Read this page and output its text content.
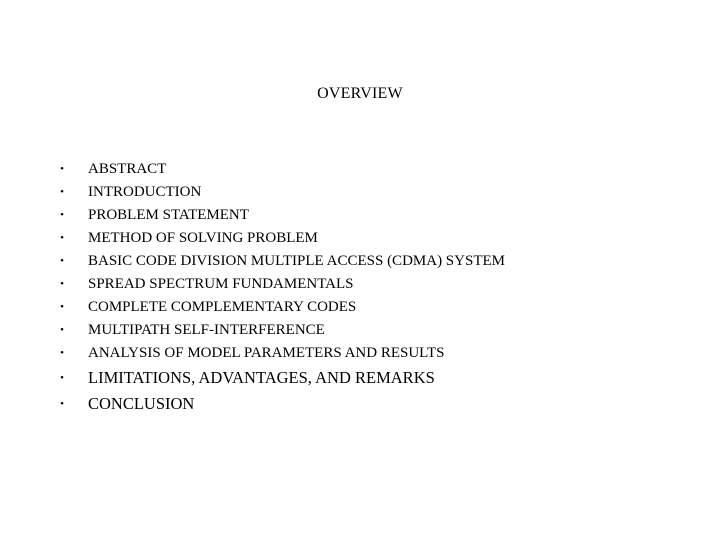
OVERVIEW
• ABSTRACT
• INTRODUCTION
• PROBLEM STATEMENT
• METHOD OF SOLVING PROBLEM
• BASIC CODE DIVISION MULTIPLE ACCESS (CDMA) SYSTEM
• SPREAD SPECTRUM FUNDAMENTALS
• COMPLETE COMPLEMENTARY CODES
• MULTIPATH SELF-INTERFERENCE
• ANALYSIS OF MODEL PARAMETERS AND RESULTS
• LIMITATIONS, ADVANTAGES, AND REMARKS
• CONCLUSION
